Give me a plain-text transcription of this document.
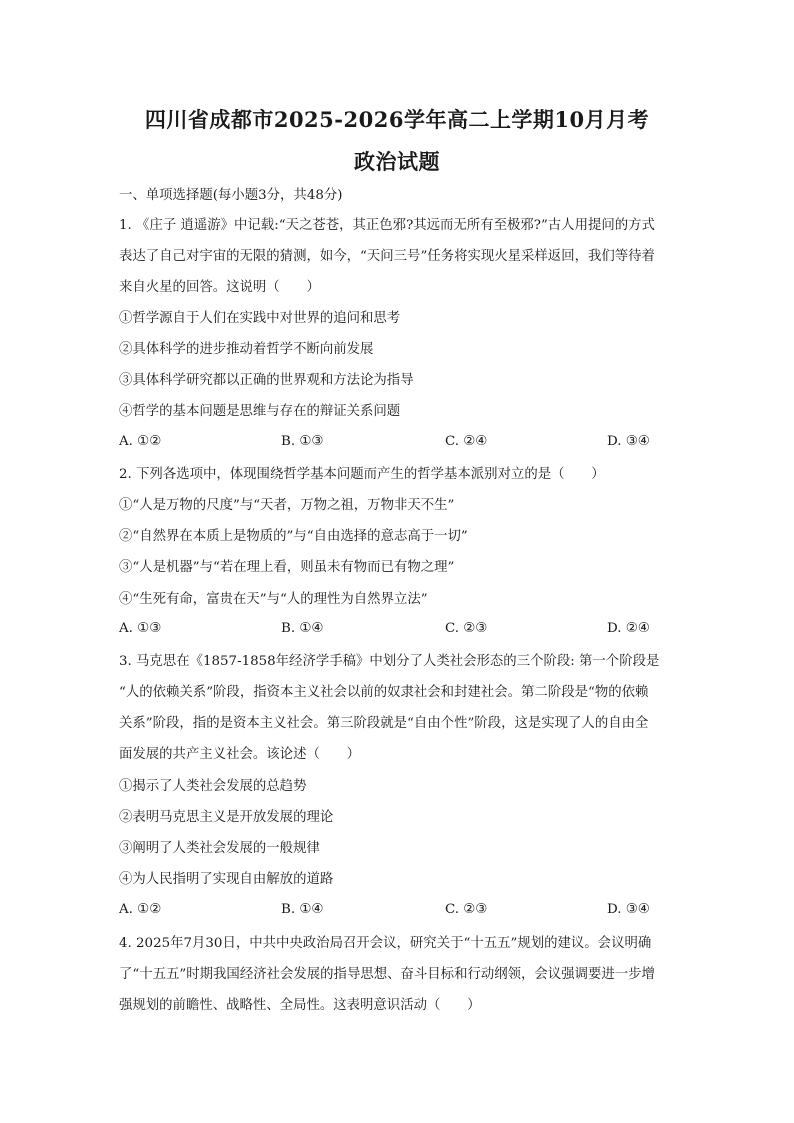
四川省成都市2025-2026学年高二上学期10月月考
政治试题
一、单项选择题(每小题3分，共48分)
1. 《庄子 逍遥游》中记载:“天之苍苍，其正色邪?其远而无所有至极邪?”古人用提问的方式
表达了自己对宇宙的无限的猜测，如今，“天问三号”任务将实现火星采样返回，我们等待着
来自火星的回答。这说明（　　）
①哲学源自于人们在实践中对世界的追问和思考
②具体科学的进步推动着哲学不断向前发展
③具体科学研究都以正确的世界观和方法论为指导
④哲学的基本问题是思维与存在的辩证关系问题
A. ①②	B. ①③	C. ②④	D. ③④
2. 下列各选项中，体现围绕哲学基本问题而产生的哲学基本派别对立的是（　　）
①“人是万物的尺度”与“天者，万物之祖，万物非天不生”
②“自然界在本质上是物质的”与“自由选择的意志高于一切”
③“人是机器”与“若在理上看，则虽未有物而已有物之理”
④“生死有命，富贵在天”与“人的理性为自然界立法”
A. ①③	B. ①④	C. ②③	D. ②④
3. 马克思在《1857-1858年经济学手稿》中划分了人类社会形态的三个阶段: 第一个阶段是
“人的依赖关系”阶段，指资本主义社会以前的奴隶社会和封建社会。第二阶段是“物的依赖
关系”阶段，指的是资本主义社会。第三阶段就是“自由个性”阶段，这是实现了人的自由全
面发展的共产主义社会。该论述（　　）
①揭示了人类社会发展的总趋势
②表明马克思主义是开放发展的理论
③阐明了人类社会发展的一般规律
④为人民指明了实现自由解放的道路
A. ①②	B. ①④	C. ②③	D. ③④
4. 2025年7月30日，中共中央政治局召开会议，研究关于“十五五”规划的建议。会议明确
了“十五五”时期我国经济社会发展的指导思想、奋斗目标和行动纲领，会议强调要进一步增
强规划的前瞻性、战略性、全局性。这表明意识活动（　　）
